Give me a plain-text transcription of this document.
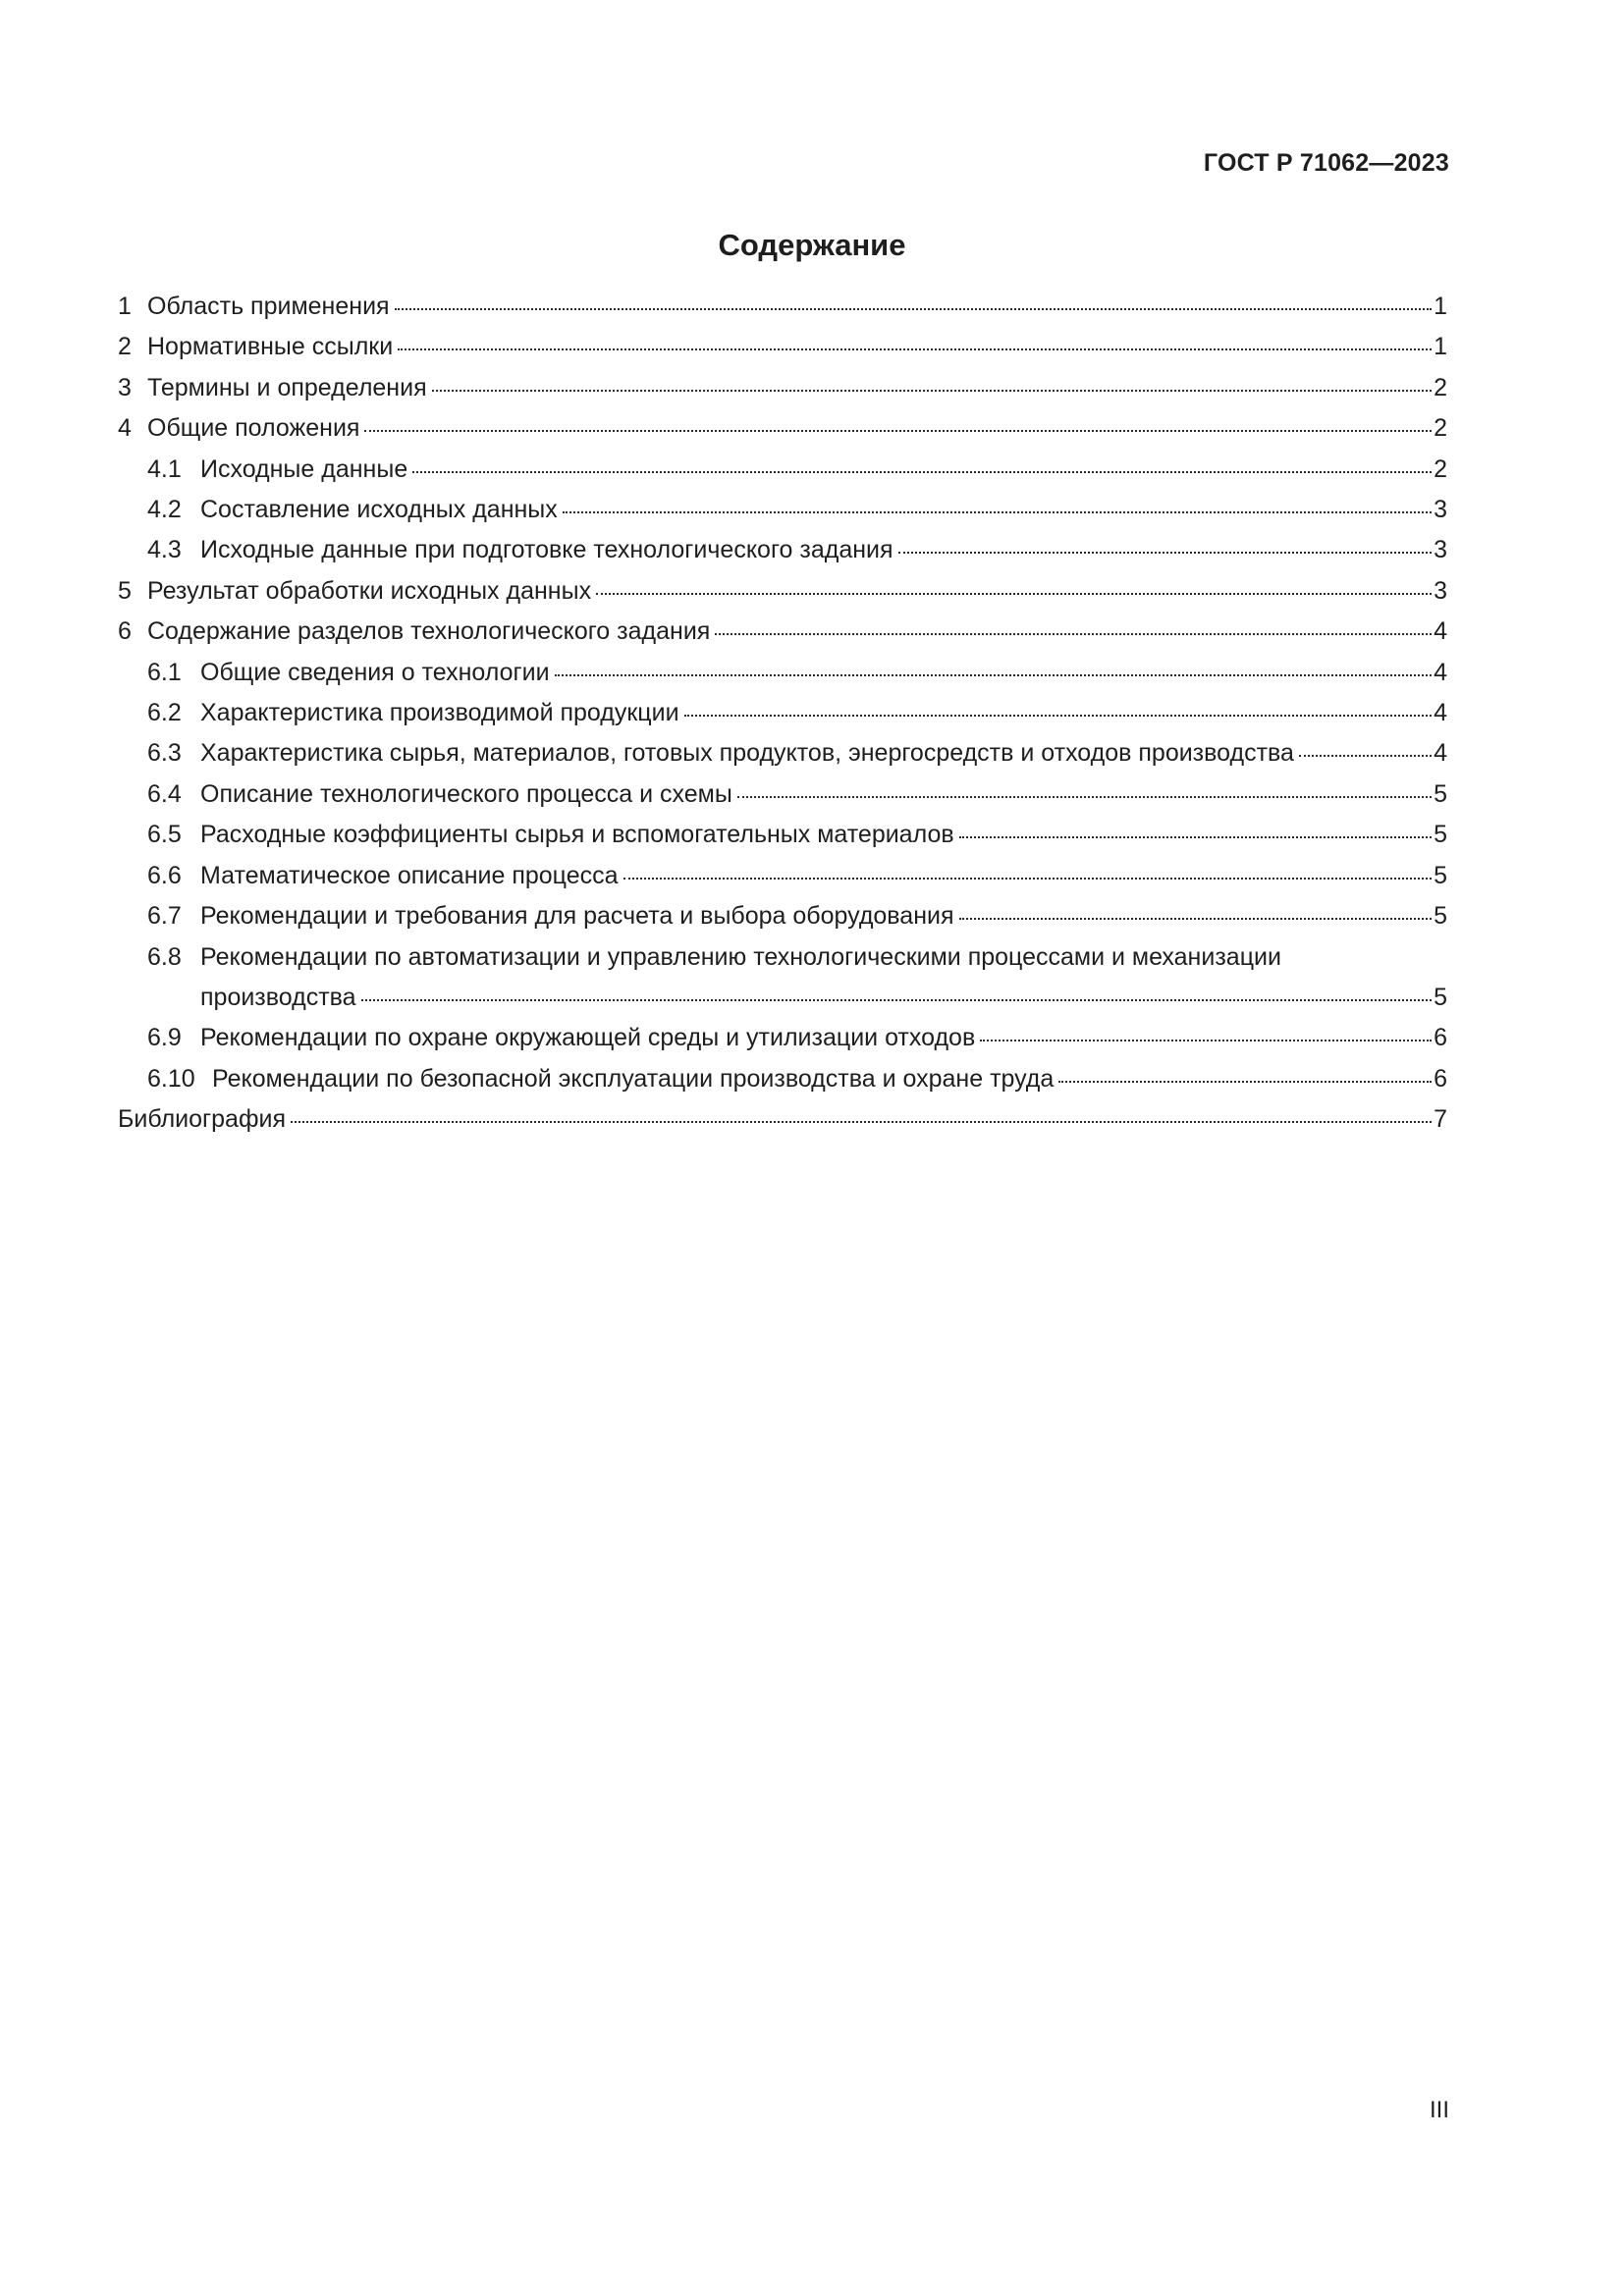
ГОСТ Р 71062—2023
Содержание
1 Область применения	1
2 Нормативные ссылки	1
3 Термины и определения	2
4 Общие положения	2
4.1 Исходные данные	2
4.2 Составление исходных данных	3
4.3 Исходные данные при подготовке технологического задания	3
5 Результат обработки исходных данных	3
6 Содержание разделов технологического задания	4
6.1 Общие сведения о технологии	4
6.2 Характеристика производимой продукции	4
6.3 Характеристика сырья, материалов, готовых продуктов, энергосредств и отходов производства	4
6.4 Описание технологического процесса и схемы	5
6.5 Расходные коэффициенты сырья и вспомогательных материалов	5
6.6 Математическое описание процесса	5
6.7 Рекомендации и требования для расчета и выбора оборудования	5
6.8 Рекомендации по автоматизации и управлению технологическими процессами и механизации
производства	5
6.9 Рекомендации по охране окружающей среды и утилизации отходов	6
6.10 Рекомендации по безопасной эксплуатации производства и охране труда	6
Библиография	7
III
